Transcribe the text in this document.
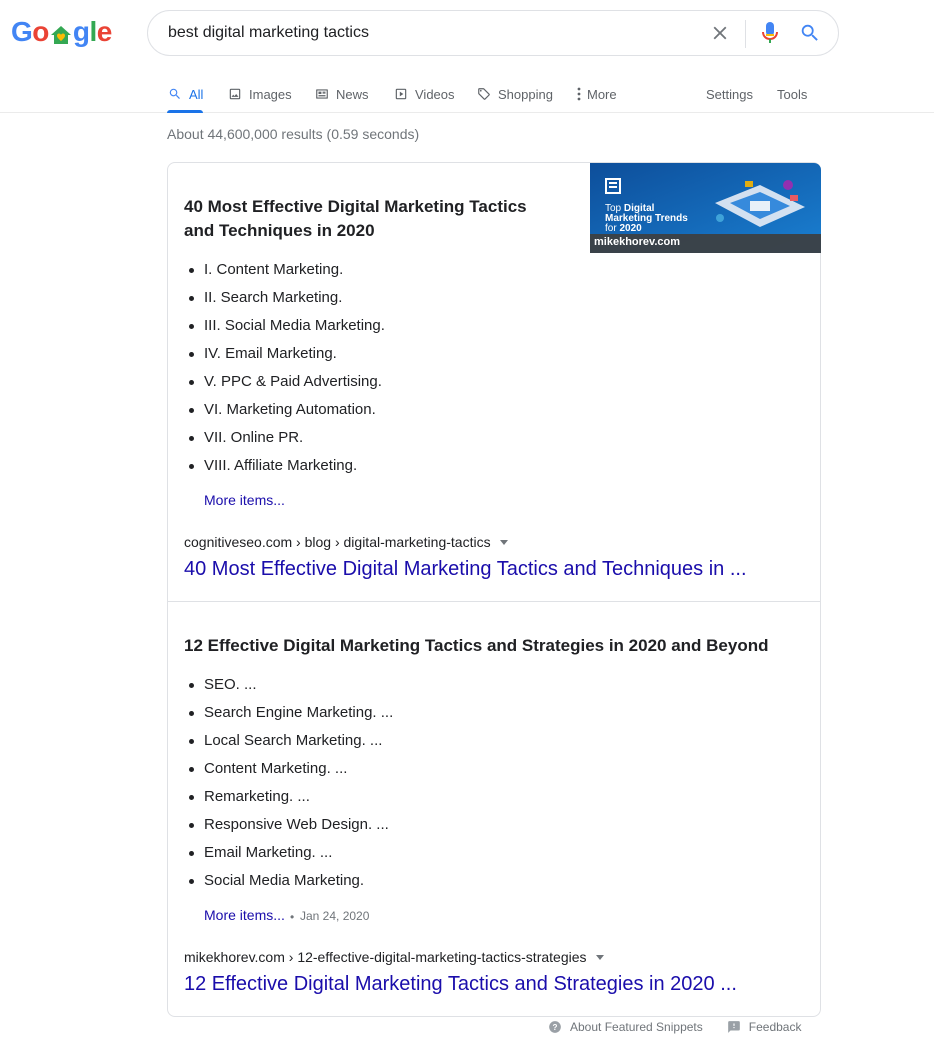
G o g l e
best digital marketing tactics
All	Images	News	Videos	Shopping	More	Settings Tools
About 44,600,000 results (0.59 seconds)
Top Digital
Marketing Trends
for 2020
mikekhorev.com
40 Most Effective Digital Marketing Tactics
and Techniques in 2020
I. Content Marketing.
II. Search Marketing.
III. Social Media Marketing.
IV. Email Marketing.
V. PPC & Paid Advertising.
VI. Marketing Automation.
VII. Online PR.
VIII. Affiliate Marketing.
More items...
cognitiveseo.com › blog › digital-marketing-tactics
40 Most Effective Digital Marketing Tactics and Techniques in ...
12 Effective Digital Marketing Tactics and Strategies in 2020 and Beyond
SEO. ...
Search Engine Marketing. ...
Local Search Marketing. ...
Content Marketing. ...
Remarketing. ...
Responsive Web Design. ...
Email Marketing. ...
Social Media Marketing.
More items... • Jan 24, 2020
mikekhorev.com › 12-effective-digital-marketing-tactics-strategies
12 Effective Digital Marketing Tactics and Strategies in 2020 ...
? About Featured Snippets	Feedback
